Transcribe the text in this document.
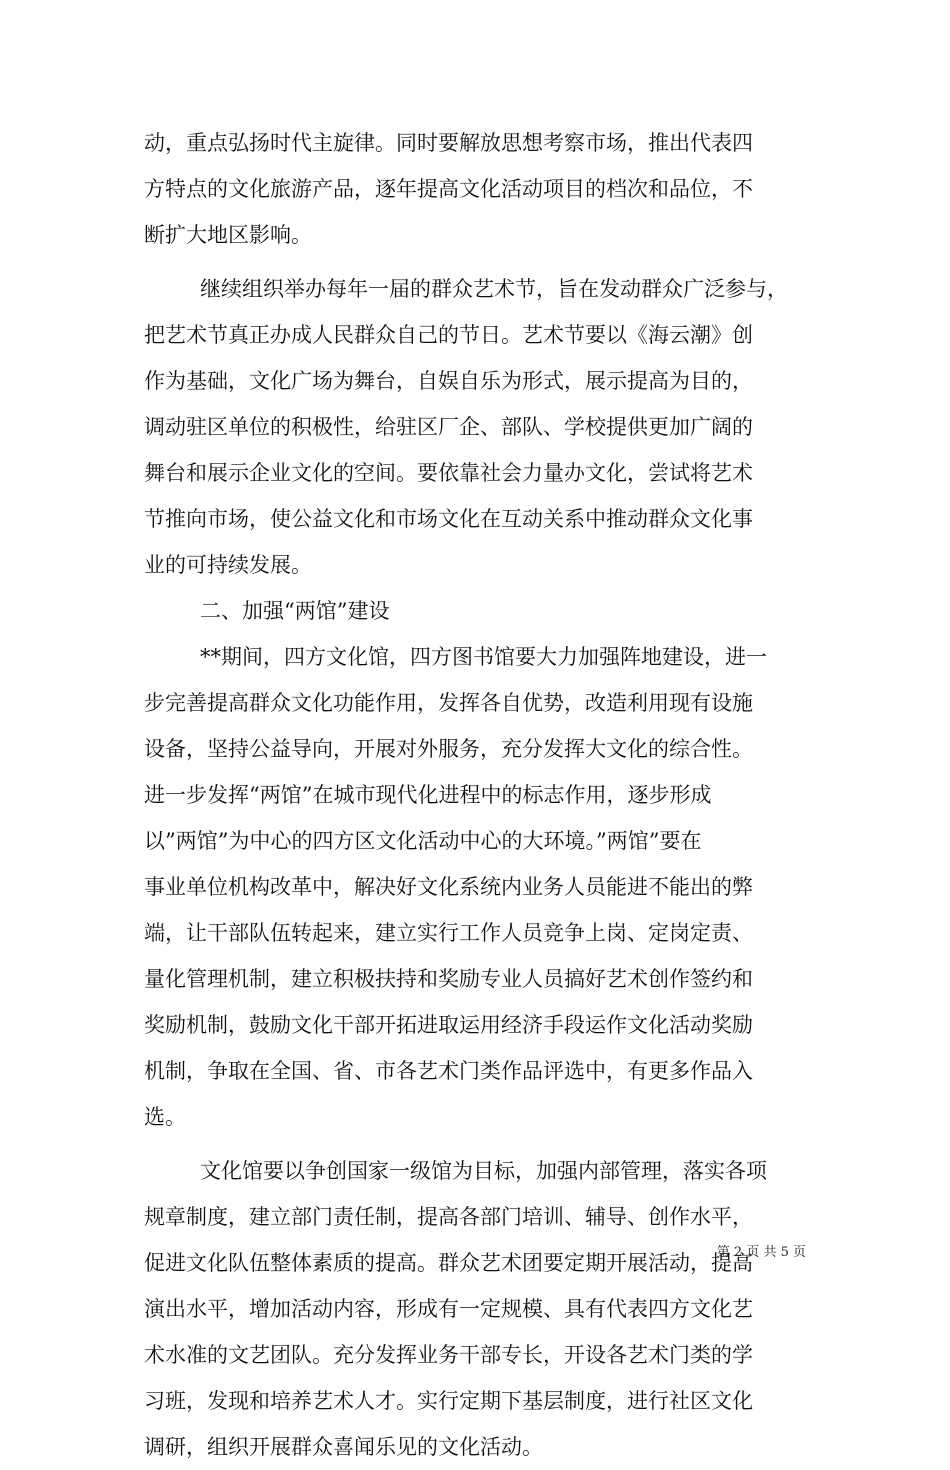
动，重点弘扬时代主旋律。同时要解放思想考察市场，推出代表四
方特点的文化旅游产品，逐年提高文化活动项目的档次和品位，不
断扩大地区影响。
继续组织举办每年一届的群众艺术节，旨在发动群众广泛参与，
把艺术节真正办成人民群众自己的节日。艺术节要以《海云潮》创
作为基础，文化广场为舞台，自娱自乐为形式，展示提高为目的，
调动驻区单位的积极性，给驻区厂企、部队、学校提供更加广阔的
舞台和展示企业文化的空间。要依靠社会力量办文化，尝试将艺术
节推向市场，使公益文化和市场文化在互动关系中推动群众文化事
业的可持续发展。
二、加强“两馆”建设
**期间，四方文化馆，四方图书馆要大力加强阵地建设，进一
步完善提高群众文化功能作用，发挥各自优势，改造利用现有设施
设备，坚持公益导向，开展对外服务，充分发挥大文化的综合性。
进一步发挥“两馆”在城市现代化进程中的标志作用，逐步形成
以”两馆”为中心的四方区文化活动中心的大环境。”两馆”要在
事业单位机构改革中，解决好文化系统内业务人员能进不能出的弊
端，让干部队伍转起来，建立实行工作人员竞争上岗、定岗定责、
量化管理机制，建立积极扶持和奖励专业人员搞好艺术创作签约和
奖励机制，鼓励文化干部开拓进取运用经济手段运作文化活动奖励
机制，争取在全国、省、市各艺术门类作品评选中，有更多作品入
选。
文化馆要以争创国家一级馆为目标，加强内部管理，落实各项
规章制度，建立部门责任制，提高各部门培训、辅导、创作水平，
促进文化队伍整体素质的提高。群众艺术团要定期开展活动，提高
演出水平，增加活动内容，形成有一定规模、具有代表四方文化艺
术水准的文艺团队。充分发挥业务干部专长，开设各艺术门类的学
习班，发现和培养艺术人才。实行定期下基层制度，进行社区文化
调研，组织开展群众喜闻乐见的文化活动。
第 2 页 共 5 页
